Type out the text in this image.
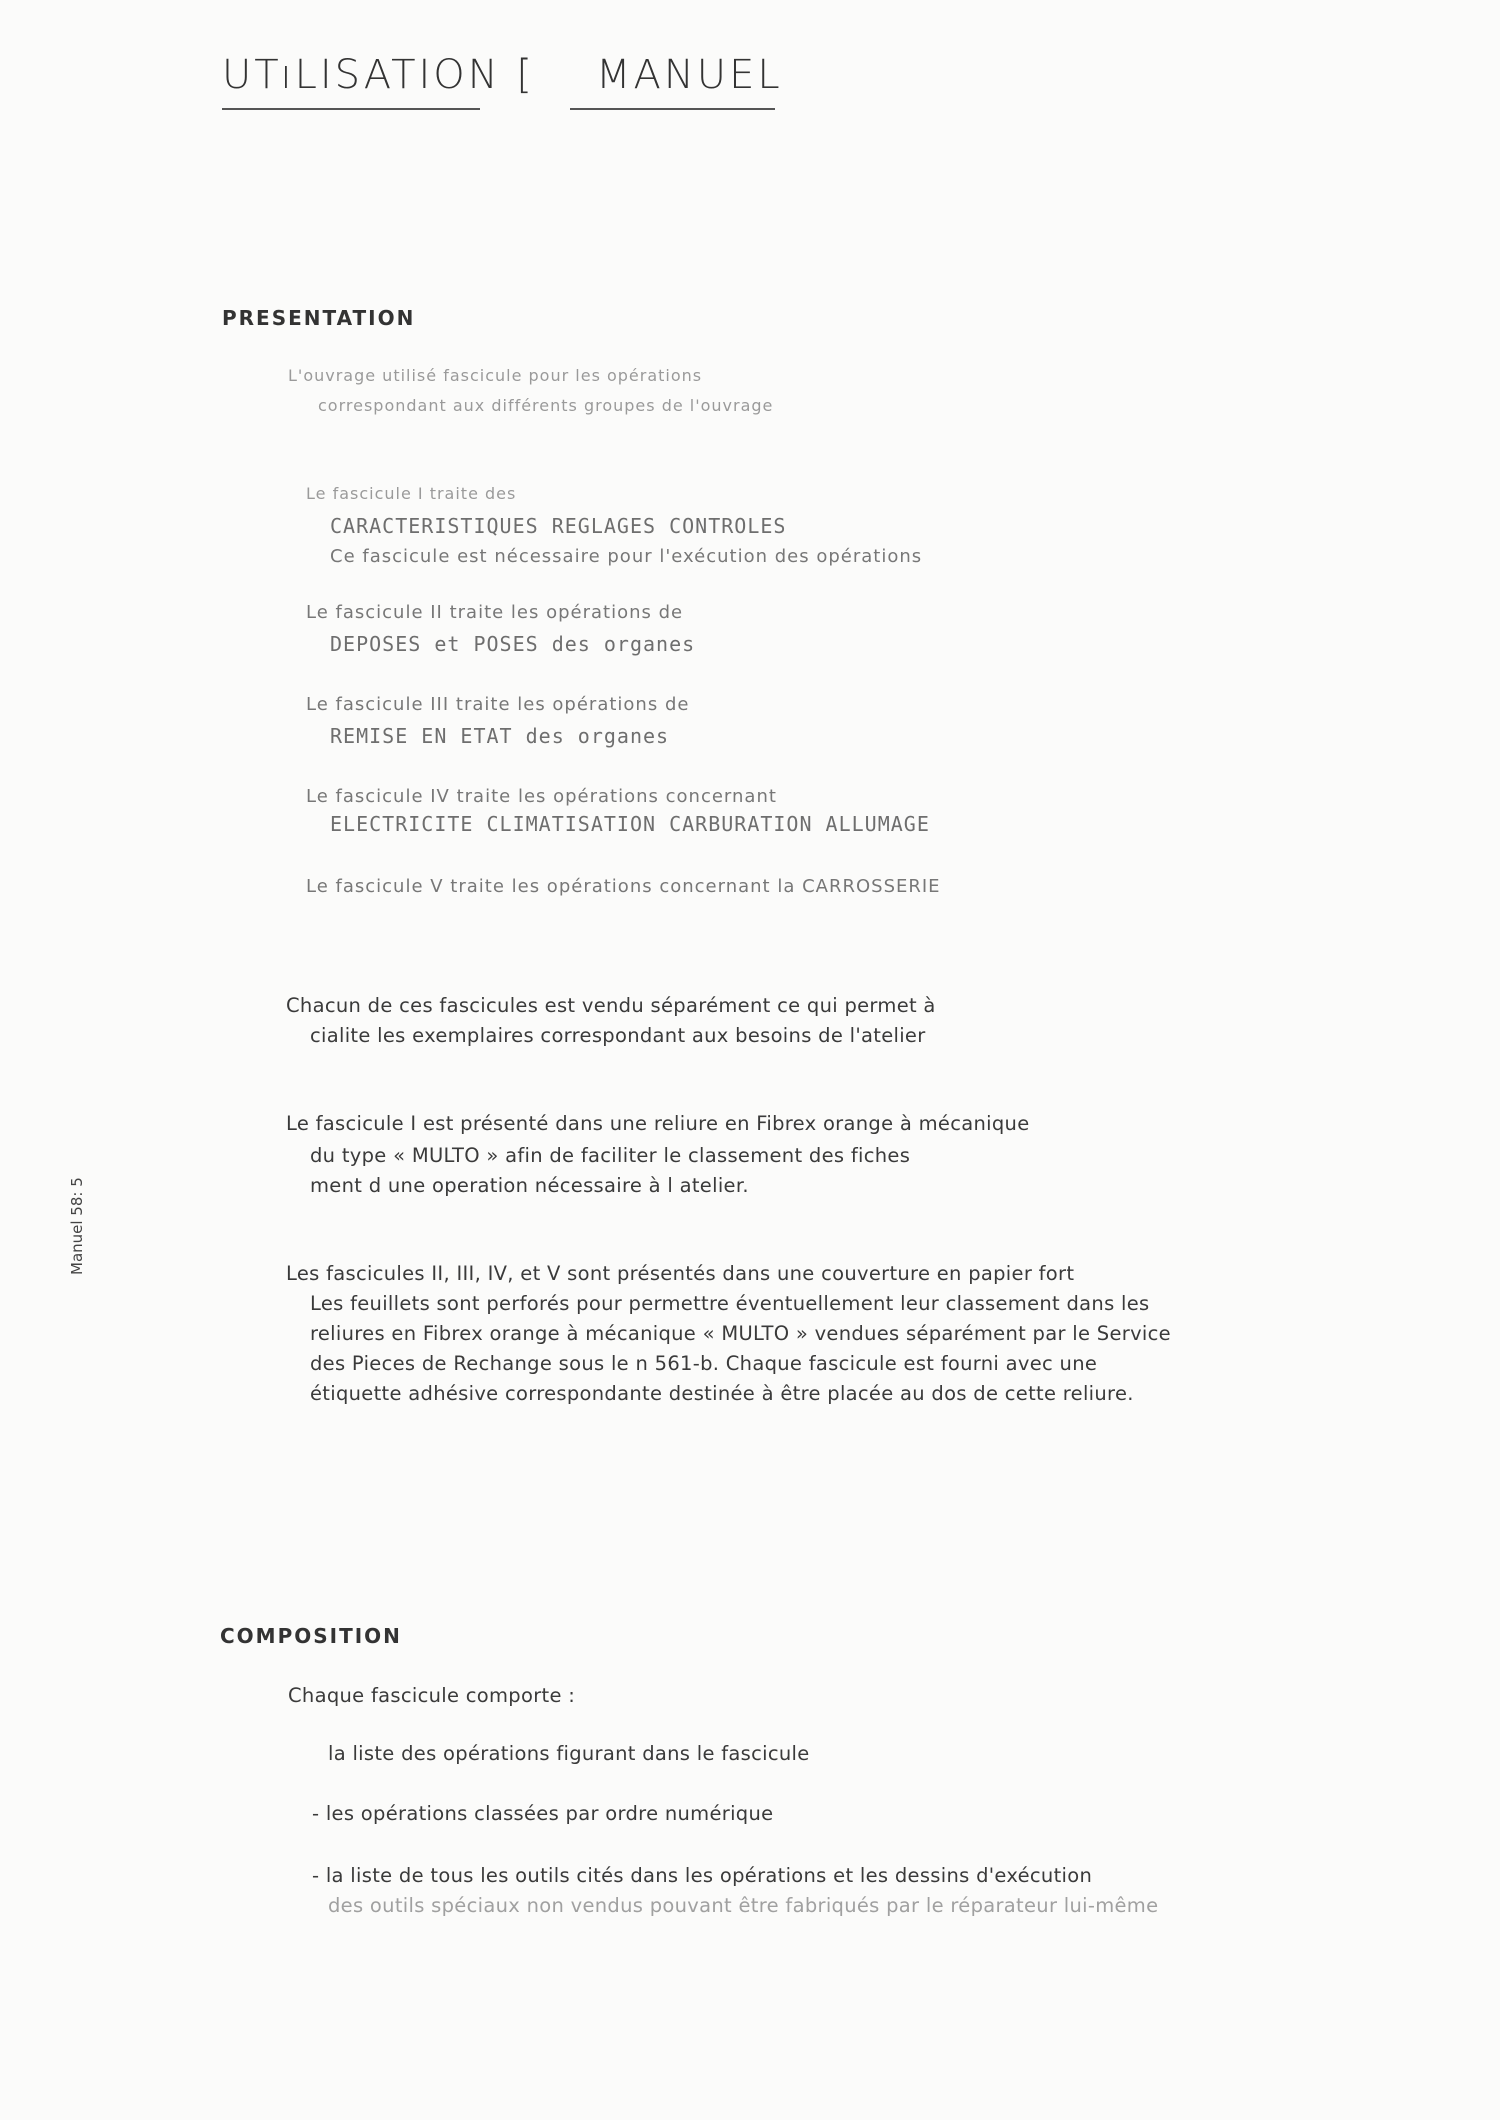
UTıLISATION [ MANUEL
Manuel 58: 5
PRESENTATION
L'ouvrage utilisé fascicule pour les opérations
correspondant aux différents groupes de l'ouvrage
Le fascicule I traite des
CARACTERISTIQUES REGLAGES CONTROLES
Ce fascicule est nécessaire pour l'exécution des opérations
Le fascicule II traite les opérations de
DEPOSES et POSES des organes
Le fascicule III traite les opérations de
REMISE EN ETAT des organes
Le fascicule IV traite les opérations concernant
ELECTRICITE CLIMATISATION CARBURATION ALLUMAGE
Le fascicule V traite les opérations concernant la CARROSSERIE
Chacun de ces fascicules est vendu séparément ce qui permet à
cialite les exemplaires correspondant aux besoins de l'atelier
Le fascicule I est présenté dans une reliure en Fibrex orange à mécanique
du type « MULTO » afin de faciliter le classement des fiches
ment d une operation nécessaire à l atelier.
Les fascicules II, III, IV, et V sont présentés dans une couverture en papier fort
Les feuillets sont perforés pour permettre éventuellement leur classement dans les
reliures en Fibrex orange à mécanique « MULTO » vendues séparément par le Service
des Pieces de Rechange sous le n 561-b. Chaque fascicule est fourni avec une
étiquette adhésive correspondante destinée à être placée au dos de cette reliure.
COMPOSITION
Chaque fascicule comporte :
la liste des opérations figurant dans le fascicule
- les opérations classées par ordre numérique
- la liste de tous les outils cités dans les opérations et les dessins d'exécution
des outils spéciaux non vendus pouvant être fabriqués par le réparateur lui-même
